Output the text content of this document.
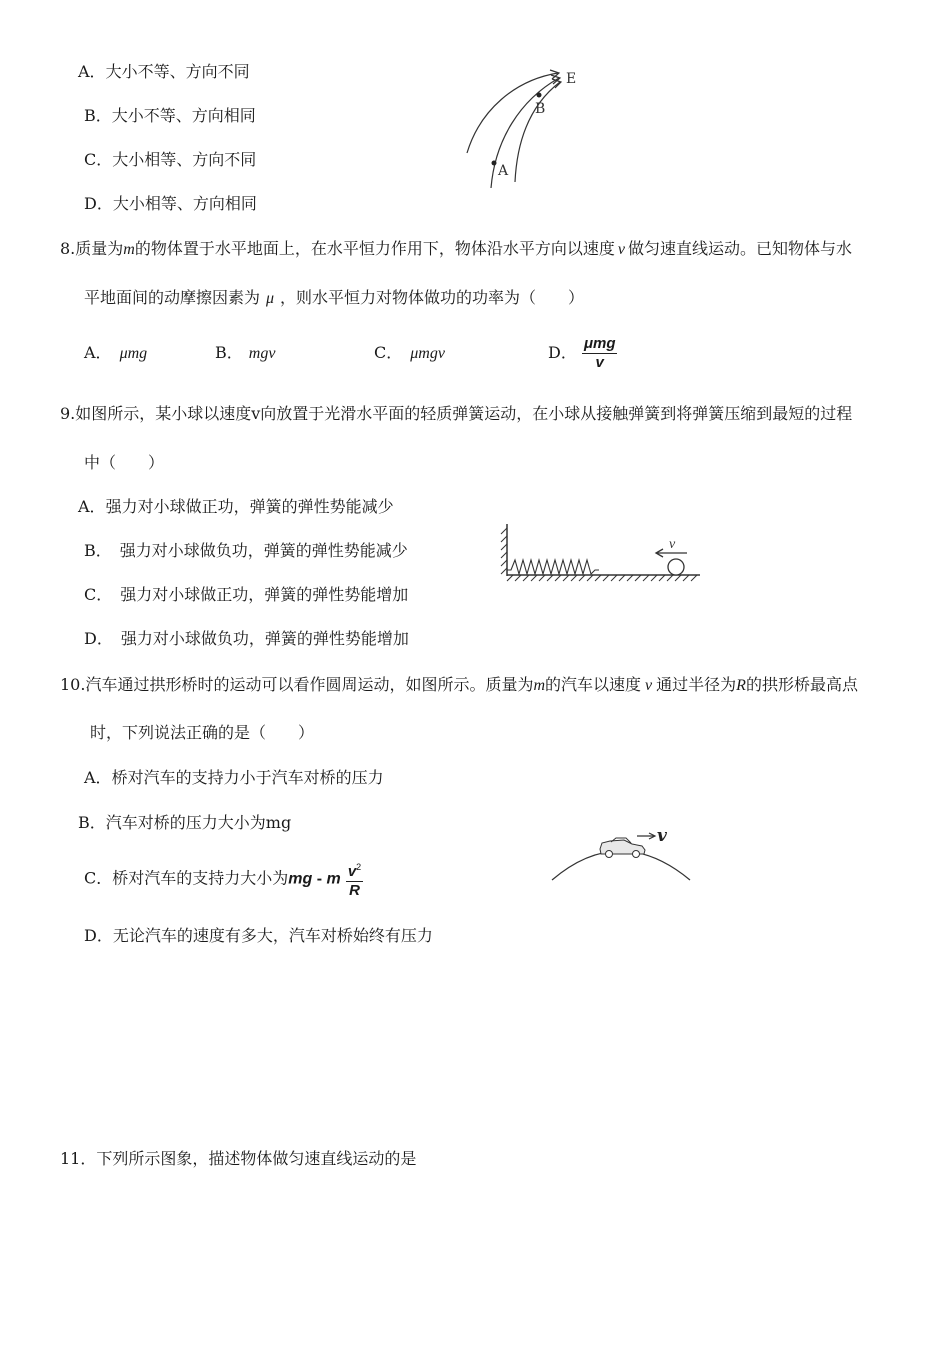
A．大小不等、方向不同
B．大小不等、方向相同
C．大小相等、方向不同
D．大小相等、方向相同
E
B
A
8.质量为m的物体置于水平地面上，在水平恒力作用下，物体沿水平方向以速度 v 做匀速直线运动。已知物体与水
平地面间的动摩擦因素为 μ ，则水平恒力对物体做功的功率为（　　）
A． μmg	B． mgv	C． μmgv	D． $\frac{\text{μmg}}{v}$
9.如图所示，某小球以速度v向放置于光滑水平面的轻质弹簧运动，在小球从接触弹簧到将弹簧压缩到最短的过程
中（　　）
A．强力对小球做正功，弹簧的弹性势能减少
B． 强力对小球做负功，弹簧的弹性势能减少
C． 强力对小球做正功，弹簧的弹性势能增加
D． 强力对小球做负功，弹簧的弹性势能增加
v
10.汽车通过拱形桥时的运动可以看作圆周运动，如图所示。质量为m的汽车以速度 v 通过半径为R的拱形桥最高点
时，下列说法正确的是（　　）
A．桥对汽车的支持力小于汽车对桥的压力
B．汽车对桥的压力大小为mg
C．桥对汽车的支持力大小为mg - m $\frac{v^2}{R}$
D．无论汽车的速度有多大，汽车对桥始终有压力
v
11．下列所示图象，描述物体做匀速直线运动的是
